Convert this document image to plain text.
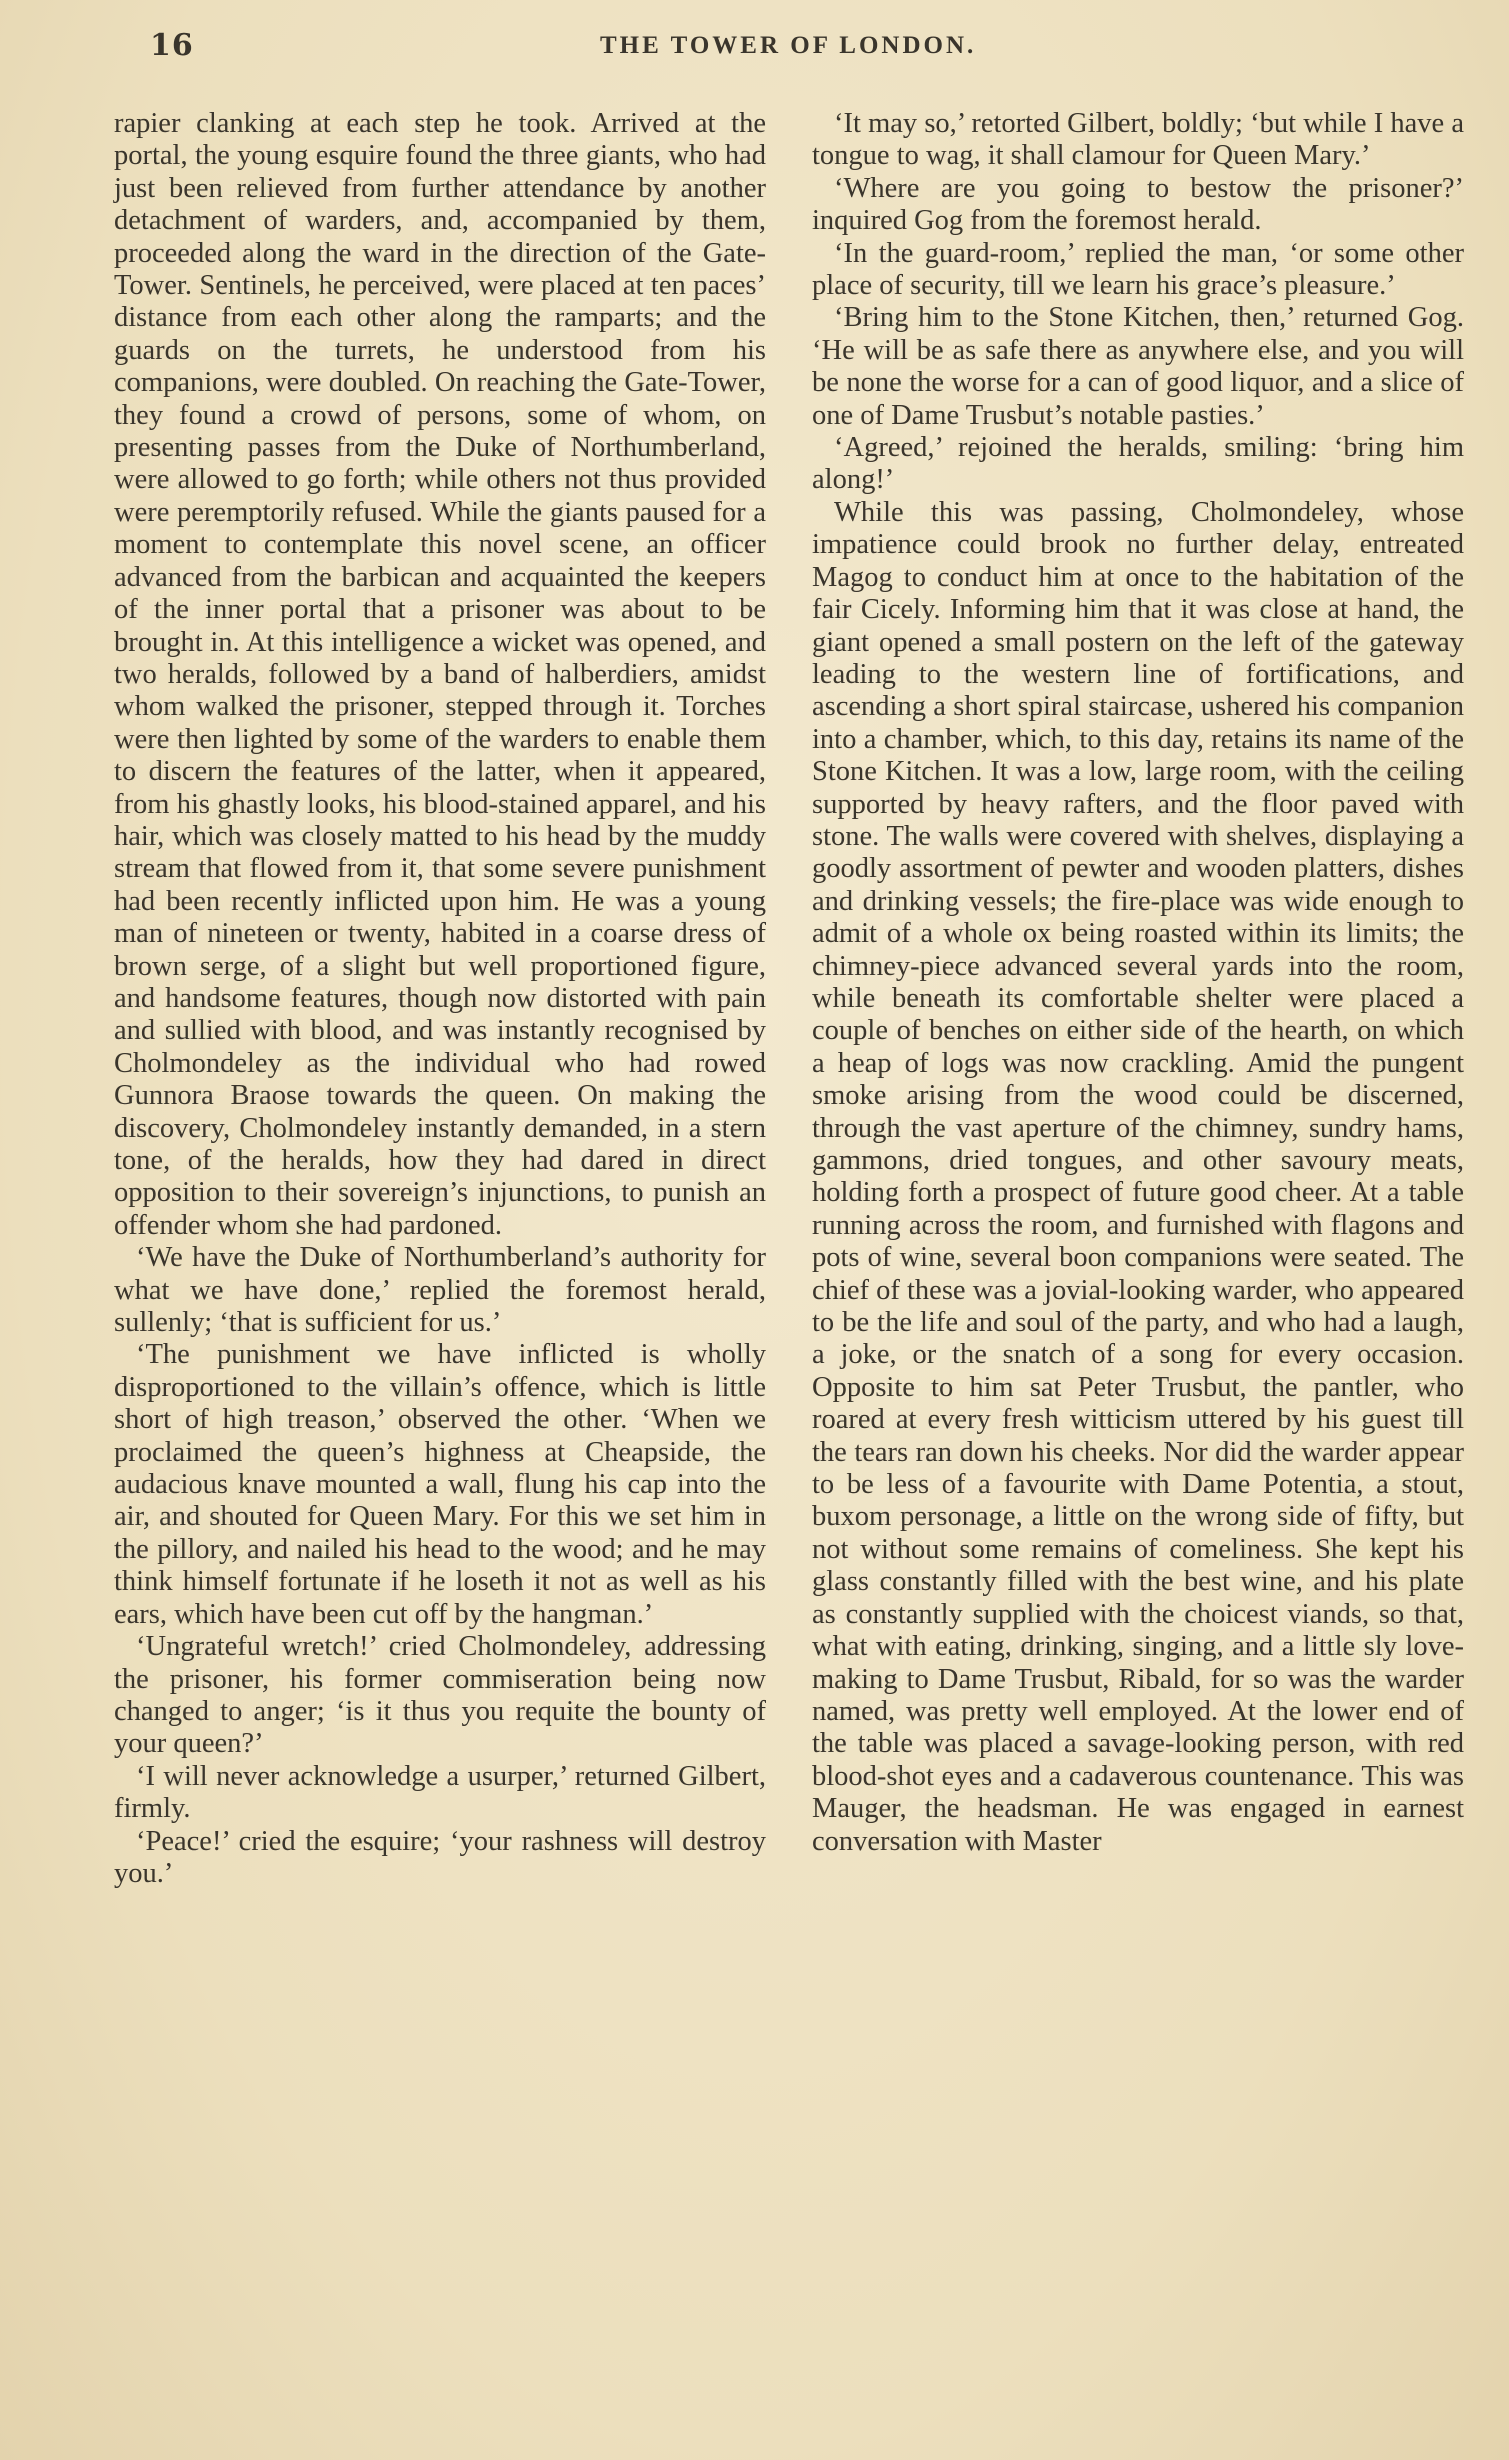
16	THE TOWER OF LONDON.

rapier clanking at each step he took. Arrived at the portal, the young esquire found the three giants, who had just been relieved from further attendance by another detachment of warders, and, accompanied by them, proceeded along the ward in the direction of the Gate-Tower. Sentinels, he perceived, were placed at ten paces’ distance from each other along the ramparts; and the guards on the turrets, he understood from his companions, were doubled. On reaching the Gate-Tower, they found a crowd of persons, some of whom, on presenting passes from the Duke of Northumberland, were allowed to go forth; while others not thus provided were peremptorily refused. While the giants paused for a moment to contemplate this novel scene, an officer advanced from the barbican and acquainted the keepers of the inner portal that a prisoner was about to be brought in. At this intelligence a wicket was opened, and two heralds, followed by a band of halberdiers, amidst whom walked the prisoner, stepped through it. Torches were then lighted by some of the warders to enable them to discern the features of the latter, when it appeared, from his ghastly looks, his blood-stained apparel, and his hair, which was closely matted to his head by the muddy stream that flowed from it, that some severe punishment had been recently inflicted upon him. He was a young man of nineteen or twenty, habited in a coarse dress of brown serge, of a slight but well proportioned figure, and handsome features, though now distorted with pain and sullied with blood, and was instantly recognised by Cholmondeley as the individual who had rowed Gunnora Braose towards the queen. On making the discovery, Cholmondeley instantly demanded, in a stern tone, of the heralds, how they had dared in direct opposition to their sovereign’s injunctions, to punish an offender whom she had pardoned.

‘We have the Duke of Northumberland’s authority for what we have done,’ replied the foremost herald, sullenly; ‘that is sufficient for us.’

‘The punishment we have inflicted is wholly disproportioned to the villain’s offence, which is little short of high treason,’ observed the other. ‘When we proclaimed the queen’s highness at Cheapside, the audacious knave mounted a wall, flung his cap into the air, and shouted for Queen Mary. For this we set him in the pillory, and nailed his head to the wood; and he may think himself fortunate if he loseth it not as well as his ears, which have been cut off by the hangman.’

‘Ungrateful wretch!’ cried Cholmondeley, addressing the prisoner, his former commiseration being now changed to anger; ‘is it thus you requite the bounty of your queen?’

‘I will never acknowledge a usurper,’ returned Gilbert, firmly.

‘Peace!’ cried the esquire; ‘your rashness will destroy you.’

‘It may so,’ retorted Gilbert, boldly; ‘but while I have a tongue to wag, it shall clamour for Queen Mary.’

‘Where are you going to bestow the prisoner?’ inquired Gog from the foremost herald.

‘In the guard-room,’ replied the man, ‘or some other place of security, till we learn his grace’s pleasure.’

‘Bring him to the Stone Kitchen, then,’ returned Gog. ‘He will be as safe there as anywhere else, and you will be none the worse for a can of good liquor, and a slice of one of Dame Trusbut’s notable pasties.’

‘Agreed,’ rejoined the heralds, smiling: ‘bring him along!’

While this was passing, Cholmondeley, whose impatience could brook no further delay, entreated Magog to conduct him at once to the habitation of the fair Cicely. Informing him that it was close at hand, the giant opened a small postern on the left of the gateway leading to the western line of fortifications, and ascending a short spiral staircase, ushered his companion into a chamber, which, to this day, retains its name of the Stone Kitchen. It was a low, large room, with the ceiling supported by heavy rafters, and the floor paved with stone. The walls were covered with shelves, displaying a goodly assortment of pewter and wooden platters, dishes and drinking vessels; the fire-place was wide enough to admit of a whole ox being roasted within its limits; the chimney-piece advanced several yards into the room, while beneath its comfortable shelter were placed a couple of benches on either side of the hearth, on which a heap of logs was now crackling. Amid the pungent smoke arising from the wood could be discerned, through the vast aperture of the chimney, sundry hams, gammons, dried tongues, and other savoury meats, holding forth a prospect of future good cheer. At a table running across the room, and furnished with flagons and pots of wine, several boon companions were seated. The chief of these was a jovial-looking warder, who appeared to be the life and soul of the party, and who had a laugh, a joke, or the snatch of a song for every occasion. Opposite to him sat Peter Trusbut, the pantler, who roared at every fresh witticism uttered by his guest till the tears ran down his cheeks. Nor did the warder appear to be less of a favourite with Dame Potentia, a stout, buxom personage, a little on the wrong side of fifty, but not without some remains of comeliness. She kept his glass constantly filled with the best wine, and his plate as constantly supplied with the choicest viands, so that, what with eating, drinking, singing, and a little sly love-making to Dame Trusbut, Ribald, for so was the warder named, was pretty well employed. At the lower end of the table was placed a savage-looking person, with red blood-shot eyes and a cadaverous countenance. This was Mauger, the headsman. He was engaged in earnest conversation with Master
